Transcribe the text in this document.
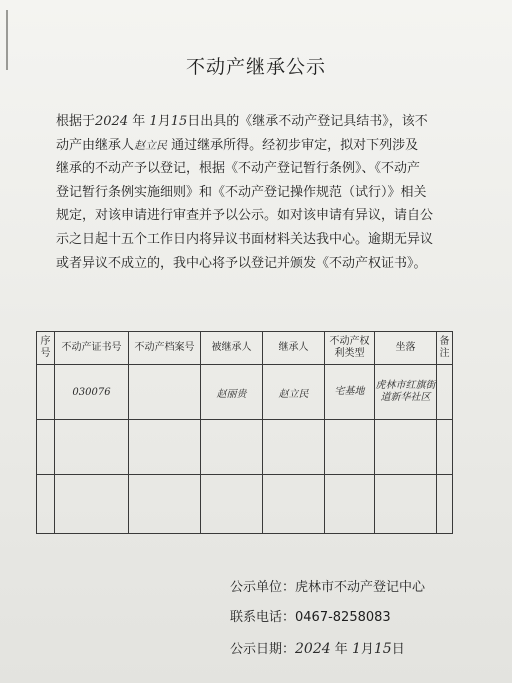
不动产继承公示
根据于2024 年 1月15日出具的《继承不动产登记具结书》，该不
动产由继承人赵立民 通过继承所得。经初步审定，拟对下列涉及
继承的不动产予以登记，根据《不动产登记暂行条例》、《不动产
登记暂行条例实施细则》和《不动产登记操作规范（试行）》相关
规定，对该申请进行审查并予以公示。如对该申请有异议，请自公
示之日起十五个工作日内将异议书面材料关达我中心。逾期无异议
或者异议不成立的，我中心将予以登记并颁发《不动产权证书》。
序号	不动产证书号	不动产档案号	被继承人	继承人	不动产权利类型	坐落	备注
	030076		赵丽贵	赵立民	宅基地	虎林市红旗街道新华社区	

公示单位：虎林市不动产登记中心
联系电话：0467-8258083
公示日期：2024 年 1月15日
